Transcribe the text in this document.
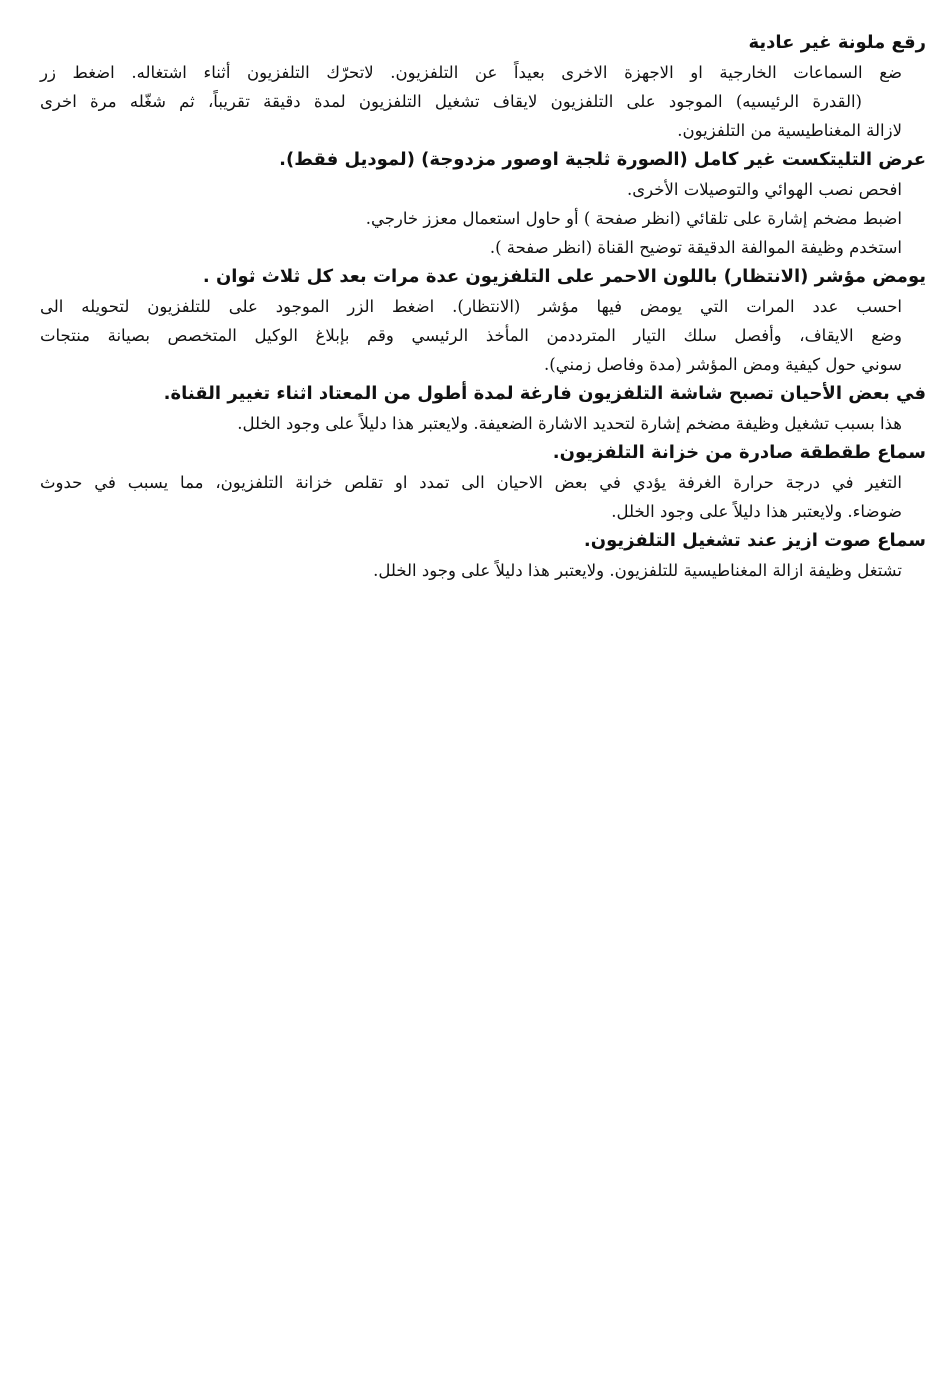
رقع ملونة غير عادية

ضع السماعات الخارجية او الاجهزة الاخرى بعيداً عن التلفزيون. لاتحرّك التلفزيون أثناء اشتغاله. اضغط زر
(القدرة الرئيسيه) الموجود على التلفزيون لايقاف تشغيل التلفزيون لمدة دقيقة تقريباً، ثم شغّله مرة اخرى
لازالة المغناطيسية من التلفزيون.

عرض التليتكست غير كامل (الصورة ثلجية اوصور مزدوجة) (لموديل فقط).

افحص نصب الهوائي والتوصيلات الأخرى.
اضبط مضخم إشارة على تلقائي (انظر صفحة ) أو حاول استعمال معزز خارجي.
استخدم وظيفة الموالفة الدقيقة توضيح القناة (انظر صفحة ).

يومض مؤشر (الانتظار) باللون الاحمر على التلفزيون عدة مرات بعد كل ثلاث ثوان .

احسب عدد المرات التي يومض فيها مؤشر (الانتظار). اضغط الزر الموجود على للتلفزيون لتحويله الى
وضع الايقاف، وأفصل سلك التيار المترددمن المأخذ الرئيسي وقم بإبلاغ الوكيل المتخصص بصيانة منتجات
سوني حول كيفية ومض المؤشر (مدة وفاصل زمني).

في بعض الأحيان تصبح شاشة التلفزيون فارغة لمدة أطول من المعتاد اثناء تغيير القناة.

هذا بسبب تشغيل وظيفة مضخم إشارة لتحديد الاشارة الضعيفة. ولايعتبر هذا دليلاً على وجود الخلل.

سماع طقطقة صادرة من خزانة التلفزيون.

التغير في درجة حرارة الغرفة يؤدي في بعض الاحيان الى تمدد او تقلص خزانة التلفزيون، مما يسبب في حدوث
ضوضاء. ولايعتبر هذا دليلاً على وجود الخلل.

سماع صوت ازيز عند تشغيل التلفزيون.

تشتغل وظيفة ازالة المغناطيسية للتلفزيون. ولايعتبر هذا دليلاً على وجود الخلل.
